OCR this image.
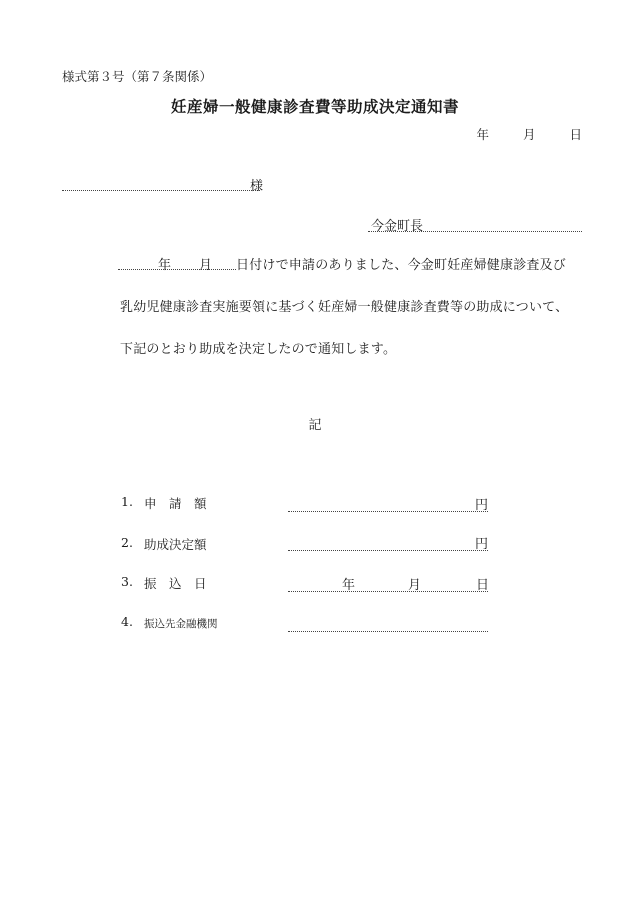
様式第３号（第７条関係）
妊産婦一般健康診査費等助成決定通知書
年	月	日
様
今金町長
年 月 日付けで申請のありました、今金町妊産婦健康診査及び
乳幼児健康診査実施要領に基づく妊産婦一般健康診査費等の助成について、
下記のとおり助成を決定したので通知します。
記
1. 申　請　額	円
2. 助成決定額	円
3. 振　込　日	年	月	日
4. 振込先金融機関
